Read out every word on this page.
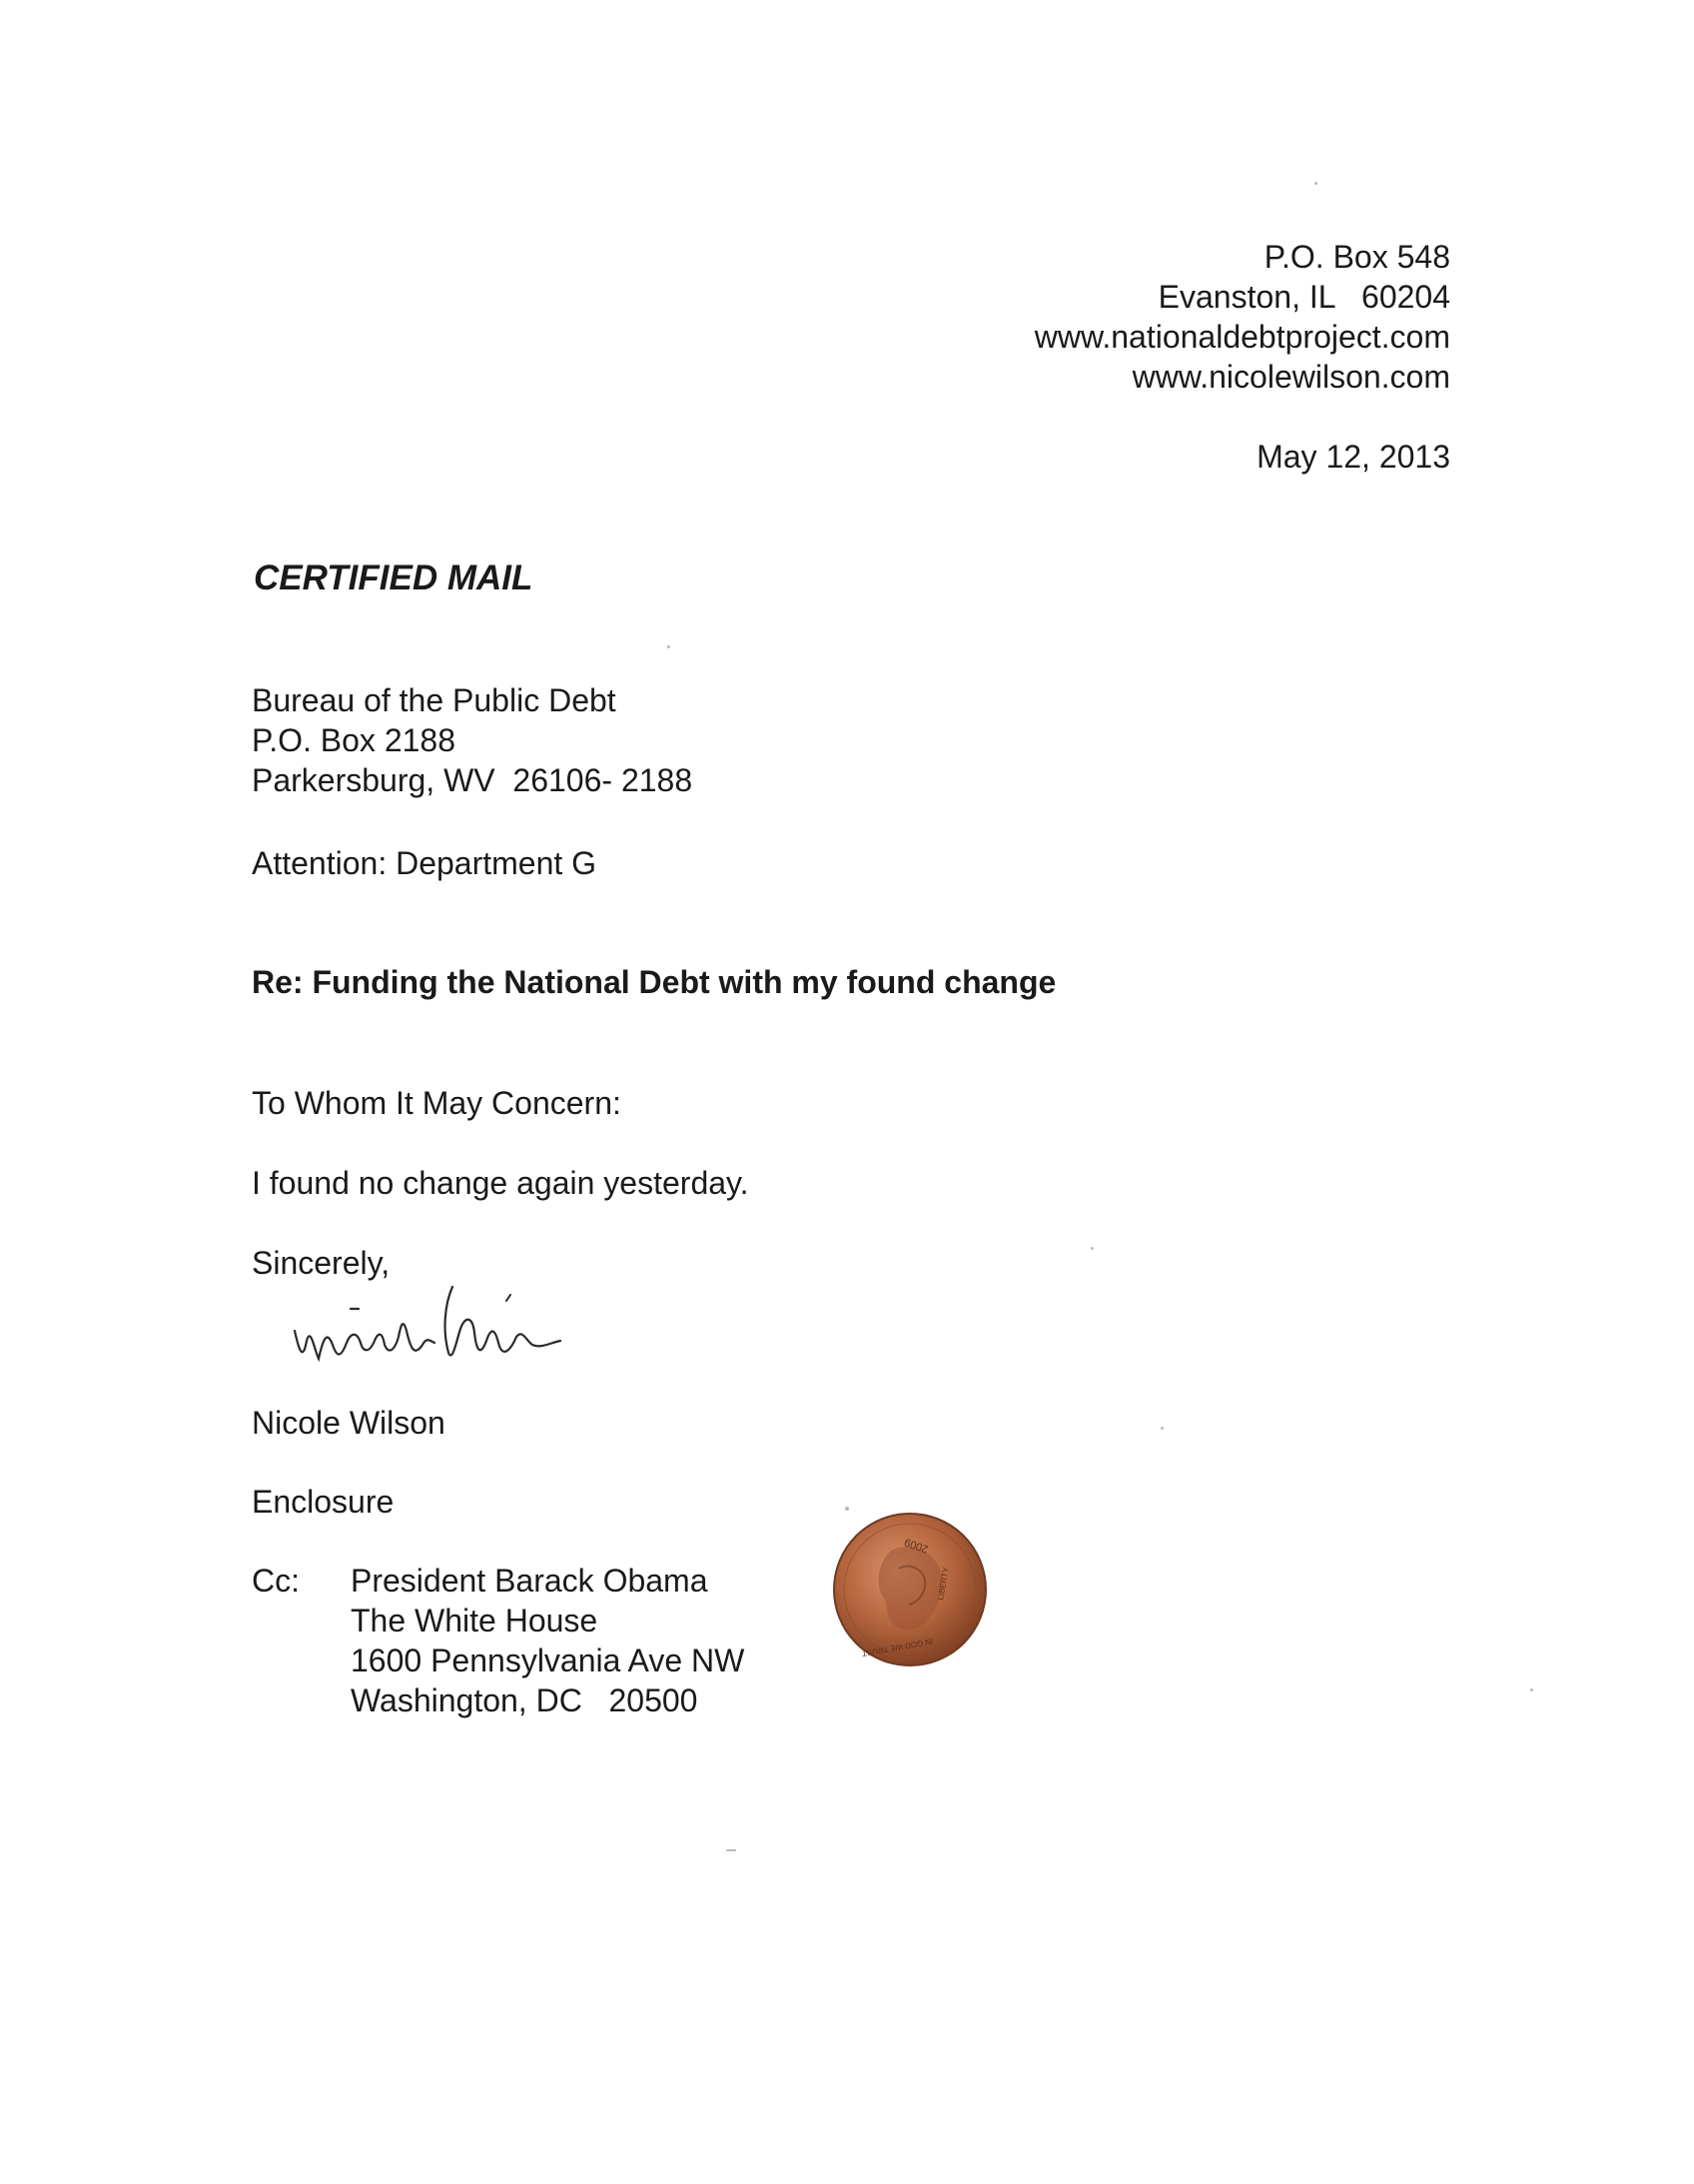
P.O. Box 548
Evanston, IL   60204
www.nationaldebtproject.com
www.nicolewilson.com
May 12, 2013
CERTIFIED MAIL
Bureau of the Public Debt
P.O. Box 2188
Parkersburg, WV  26106- 2188
Attention: Department G
Re: Funding the National Debt with my found change
To Whom It May Concern:
I found no change again yesterday.
Sincerely,
Nicole Wilson
Enclosure
Cc: President Barack Obama
The White House
1600 Pennsylvania Ave NW
Washington, DC   20500
2009
LIBERTY
IN GOD WE TRUST
